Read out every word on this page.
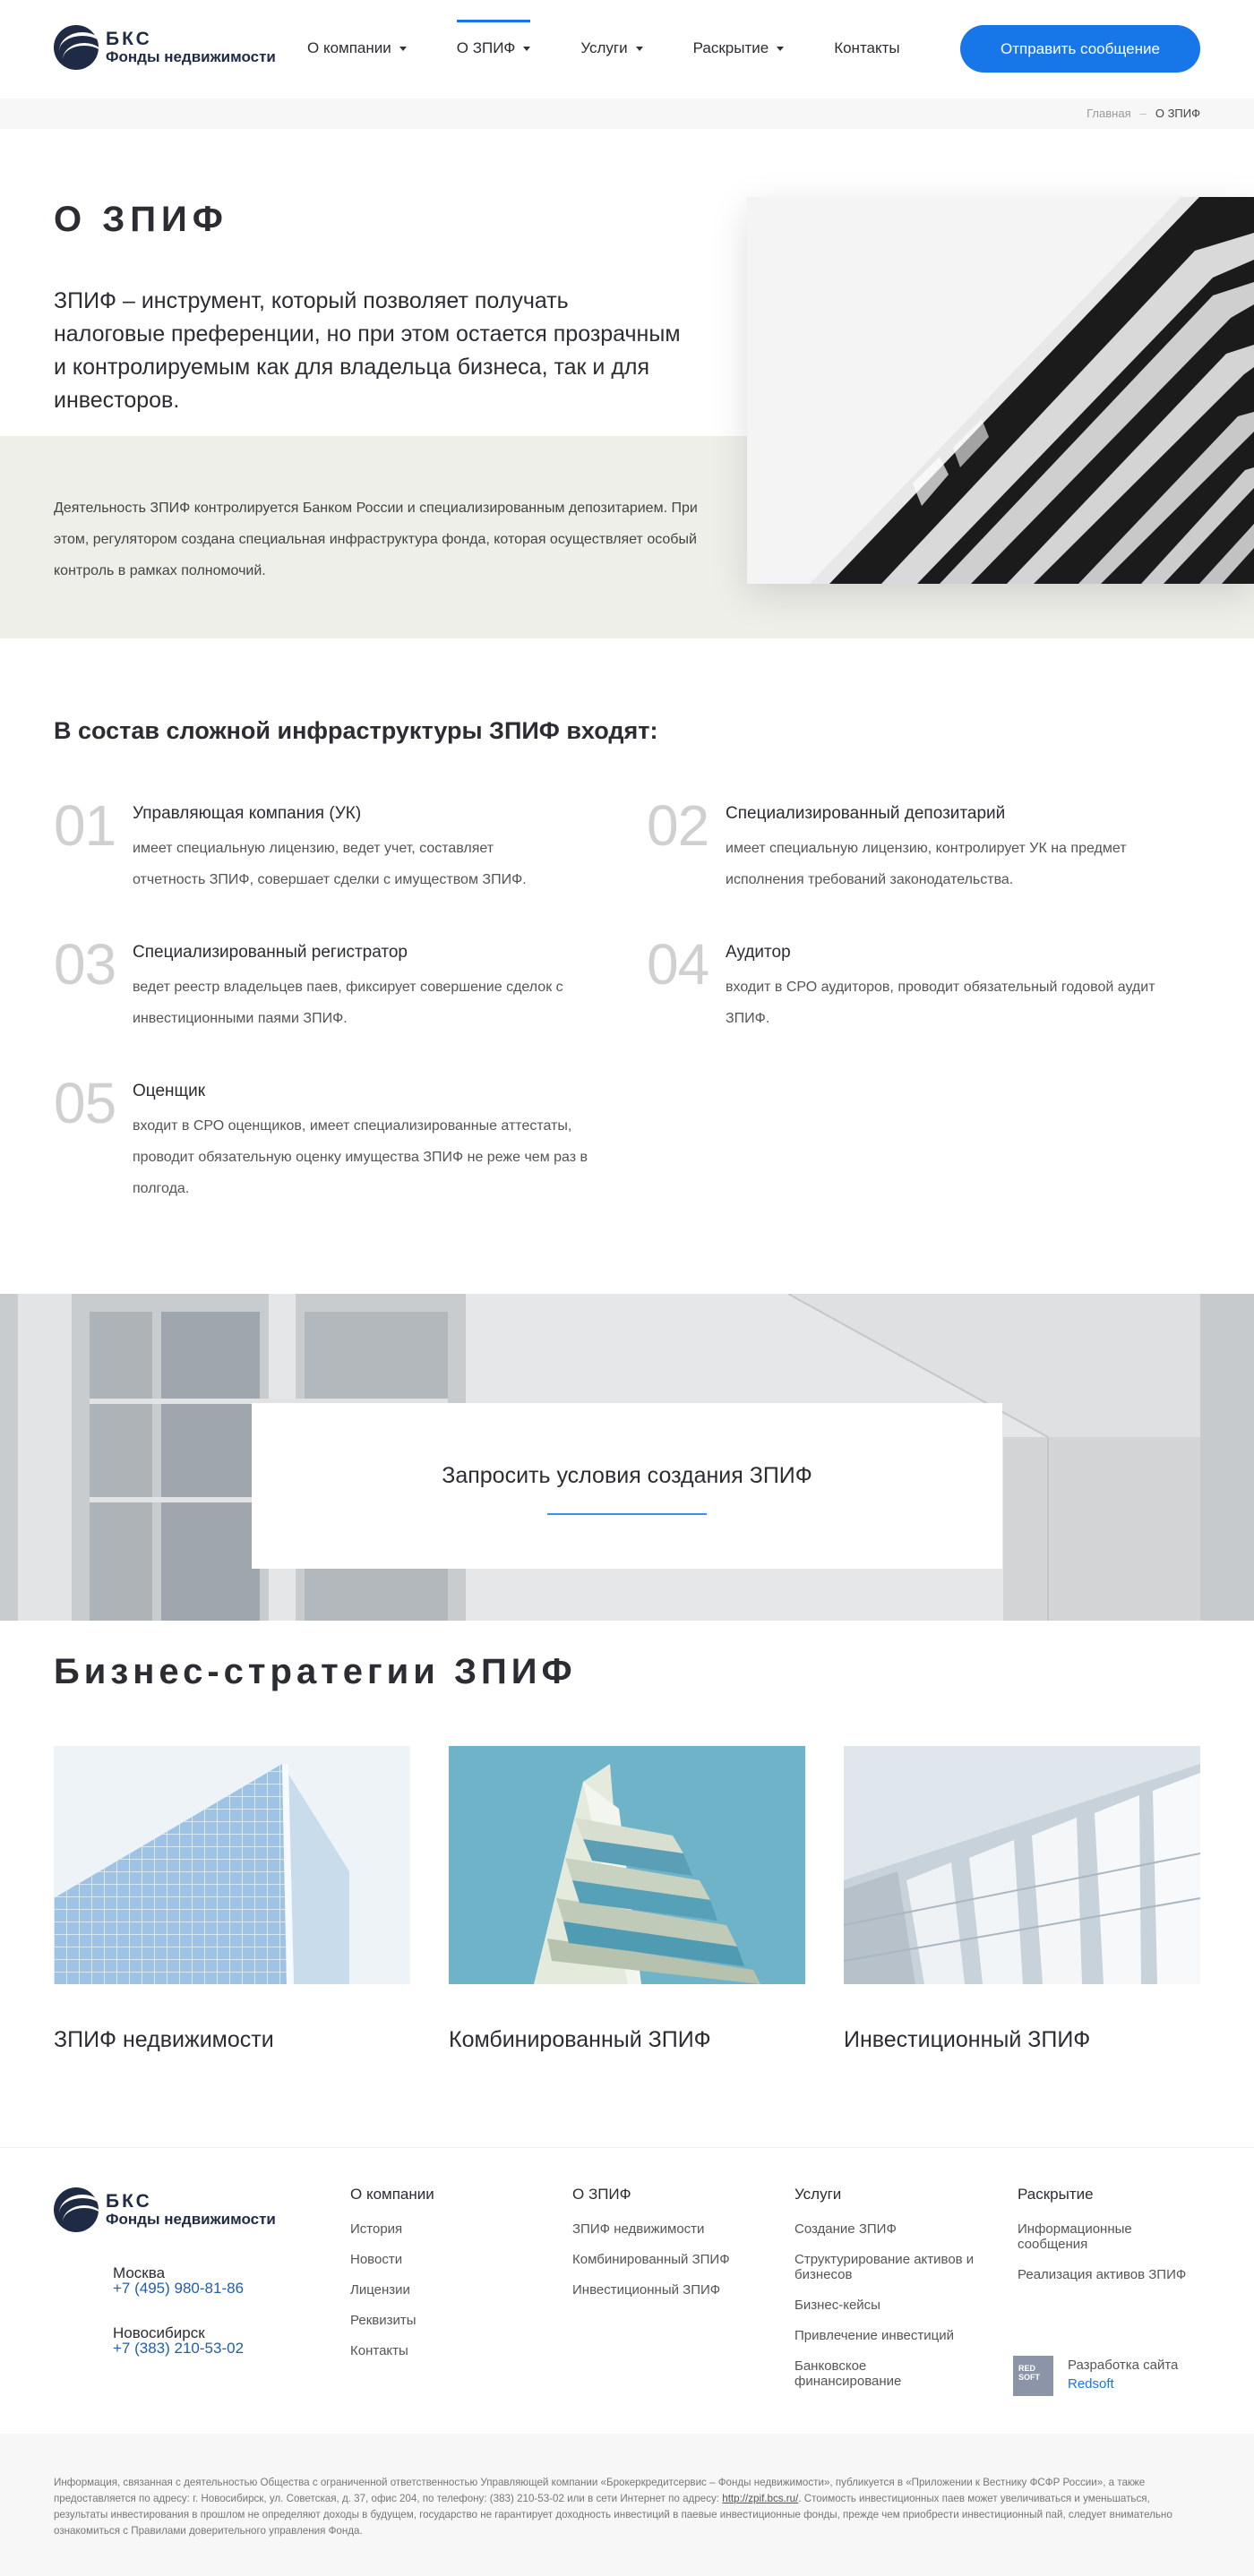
БКС
Фонды недвижимости
О компании	О ЗПИФ	Услуги	Раскрытие	Контакты	Отправить сообщение
Главная – О ЗПИФ
О ЗПИФ

ЗПИФ – инструмент, который позволяет получать налоговые преференции, но при этом остается прозрачным и контролируемым как для владельца бизнеса, так и для инвесторов.

Деятельность ЗПИФ контролируется Банком России и специализированным депозитарием. При этом, регулятором создана специальная инфраструктура фонда, которая осуществляет особый контроль в рамках полномочий.

В состав сложной инфраструктуры ЗПИФ входят:
01 Управляющая компания (УК)
имеет специальную лицензию, ведет учет, составляет отчетность ЗПИФ, совершает сделки с имуществом ЗПИФ.
02 Специализированный депозитарий
имеет специальную лицензию, контролирует УК на предмет исполнения требований законодательства.
03 Специализированный регистратор
ведет реестр владельцев паев, фиксирует совершение сделок с инвестиционными паями ЗПИФ.
04 Аудитор
входит в СРО аудиторов, проводит обязательный годовой аудит ЗПИФ.
05 Оценщик
входит в СРО оценщиков, имеет специализированные аттестаты, проводит обязательную оценку имущества ЗПИФ не реже чем раз в полгода.
Запросить условия создания ЗПИФ
Бизнес-стратегии ЗПИФ
ЗПИФ недвижимости	Комбинированный ЗПИФ	Инвестиционный ЗПИФ
БКС
Фонды недвижимости
Москва
+7 (495) 980-81-86
Новосибирск
+7 (383) 210-53-02
О компании
История
Новости
Лицензии
Реквизиты
Контакты
О ЗПИФ
ЗПИФ недвижимости
Комбинированный ЗПИФ
Инвестиционный ЗПИФ
Услуги
Создание ЗПИФ
Структурирование активов и бизнесов
Бизнес-кейсы
Привлечение инвестиций
Банковское финансирование
Раскрытие
Информационные сообщения
Реализация активов ЗПИФ
RED SOFT
Разработка сайта
Redsoft
Информация, связанная с деятельностью Общества с ограниченной ответственностью Управляющей компании «Брокеркредитсервис – Фонды недвижимости», публикуется в «Приложении к Вестнику ФСФР России», а также предоставляется по адресу: г. Новосибирск, ул. Советская, д. 37, офис 204, по телефону: (383) 210-53-02 или в сети Интернет по адресу: http://zpif.bcs.ru/. Стоимость инвестиционных паев может увеличиваться и уменьшаться, результаты инвестирования в прошлом не определяют доходы в будущем, государство не гарантирует доходность инвестиций в паевые инвестиционные фонды, прежде чем приобрести инвестиционный пай, следует внимательно ознакомиться с Правилами доверительного управления Фонда.
